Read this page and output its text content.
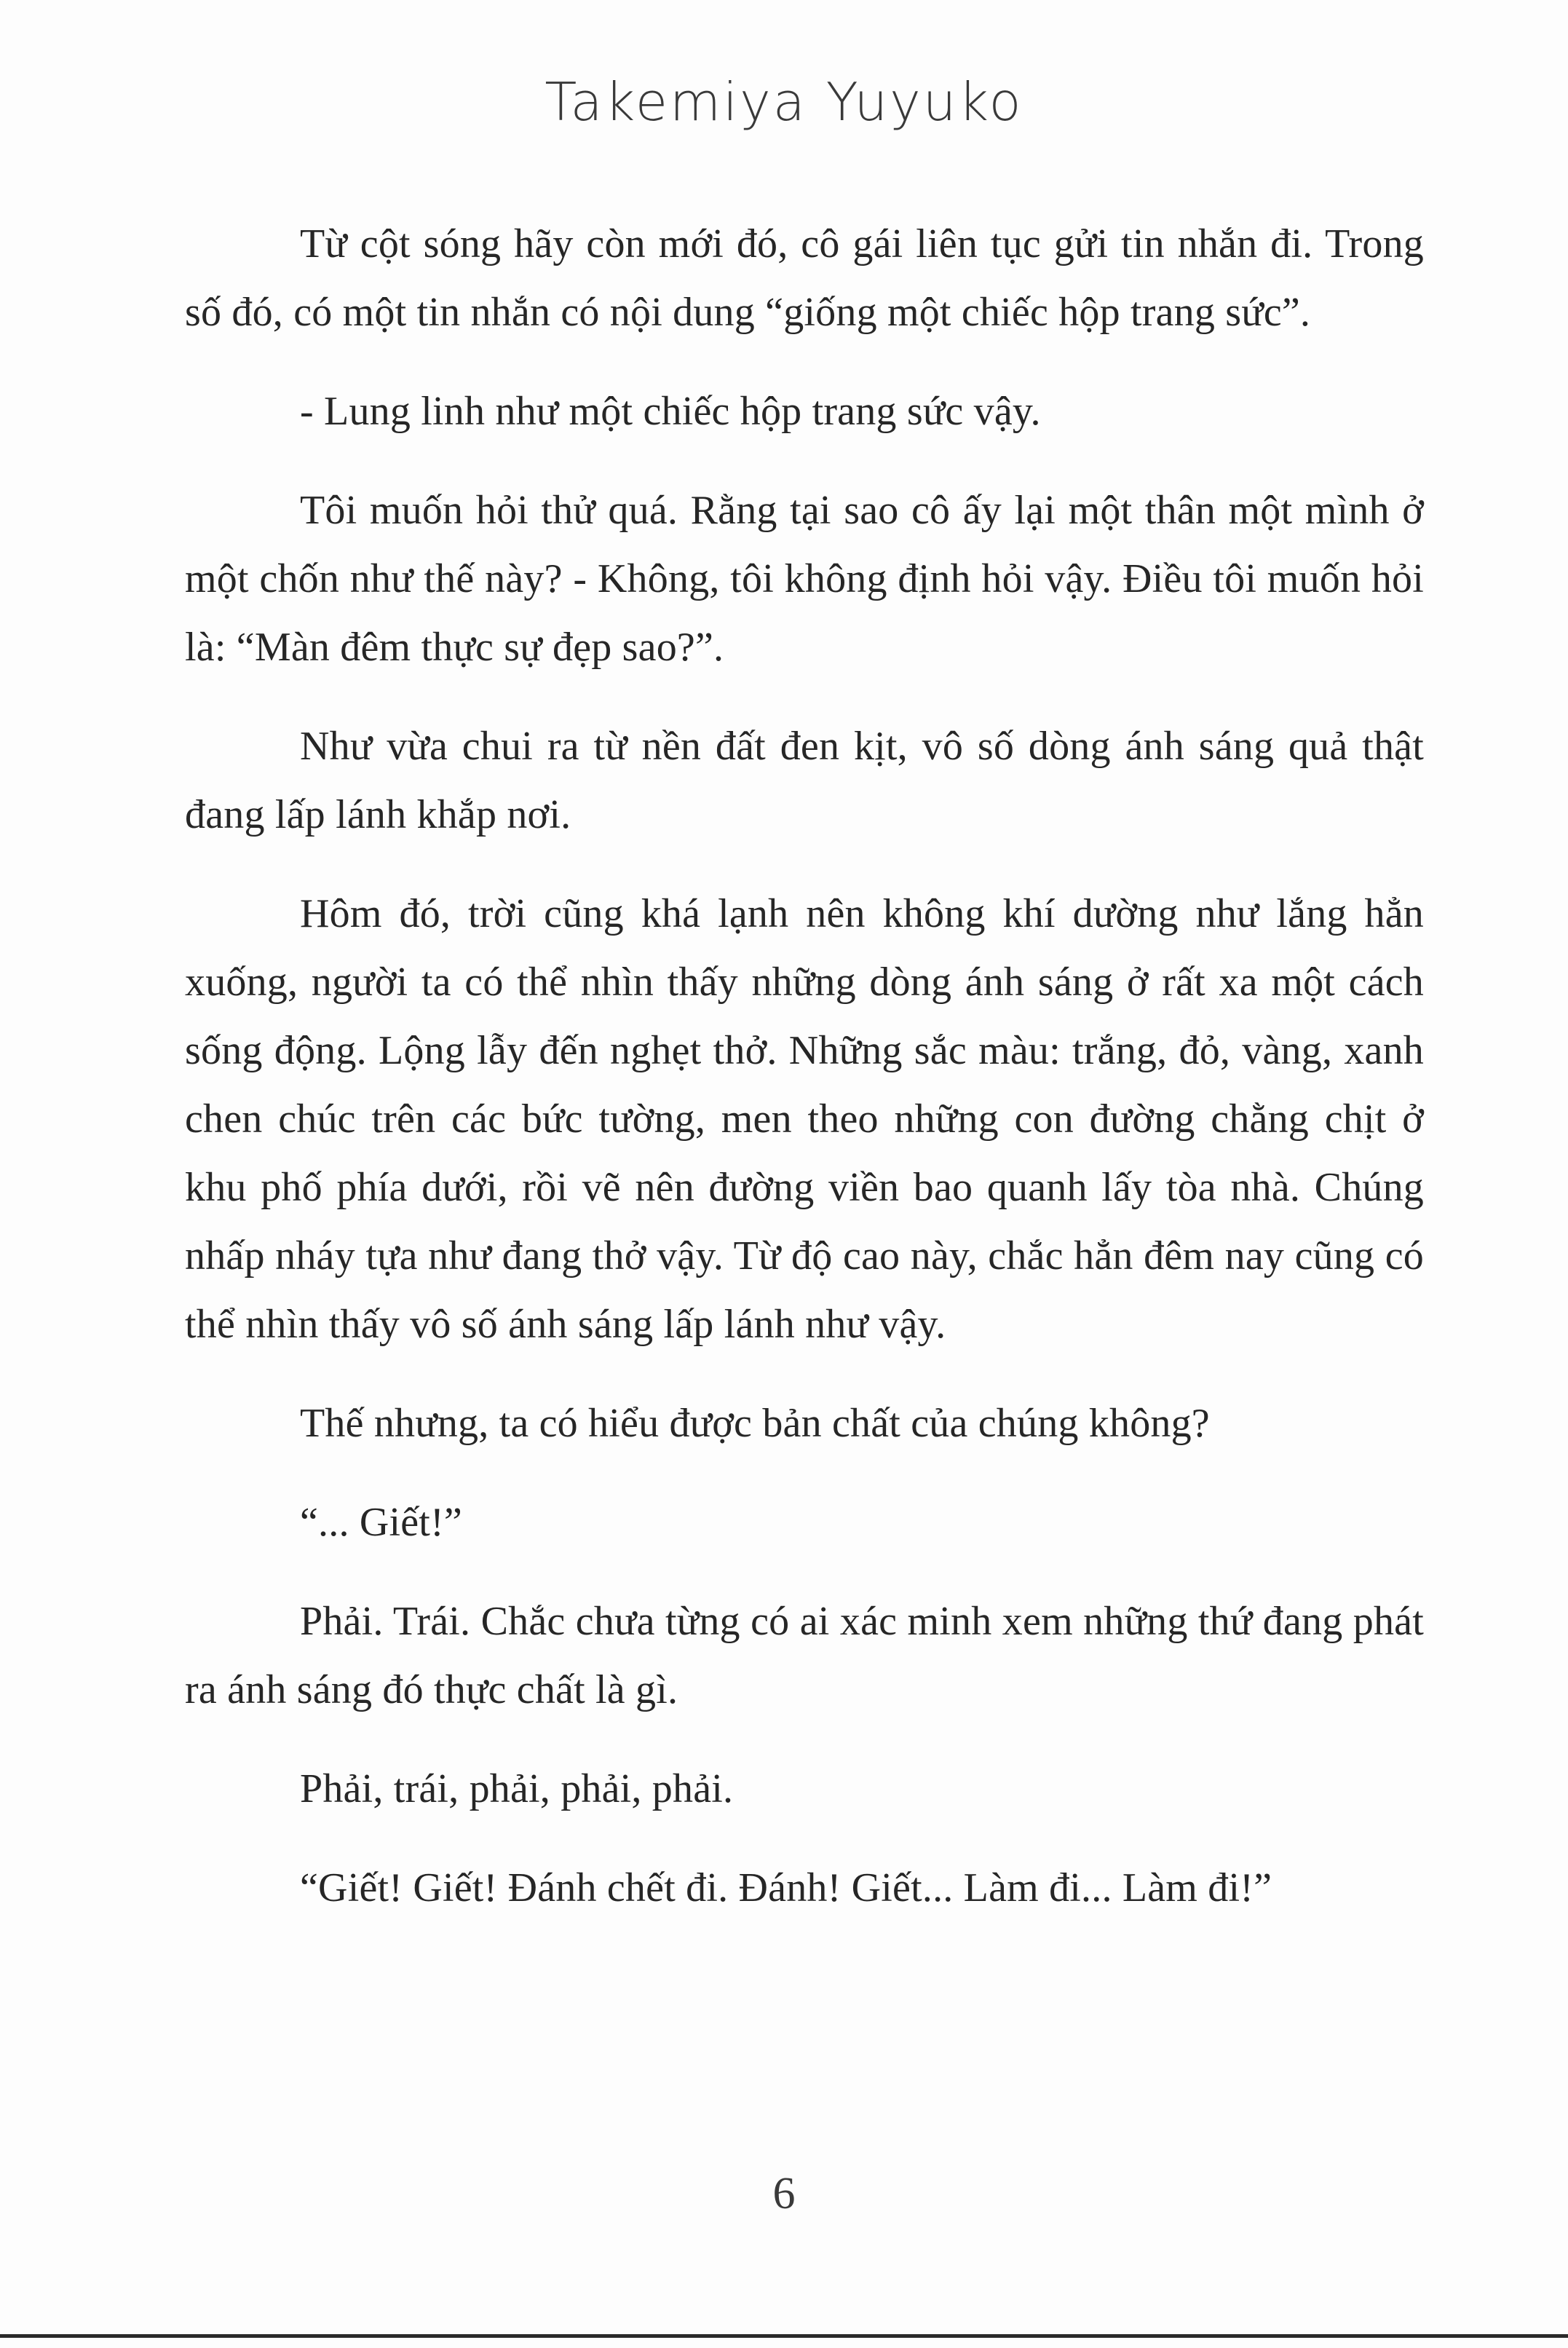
Takemiya Yuyuko

Từ cột sóng hãy còn mới đó, cô gái liên tục gửi tin nhắn đi. Trong số đó, có một tin nhắn có nội dung “giống một chiếc hộp trang sức”.

- Lung linh như một chiếc hộp trang sức vậy.

Tôi muốn hỏi thử quá. Rằng tại sao cô ấy lại một thân một mình ở một chốn như thế này? - Không, tôi không định hỏi vậy. Điều tôi muốn hỏi là: “Màn đêm thực sự đẹp sao?”.

Như vừa chui ra từ nền đất đen kịt, vô số dòng ánh sáng quả thật đang lấp lánh khắp nơi.

Hôm đó, trời cũng khá lạnh nên không khí dường như lắng hẳn xuống, người ta có thể nhìn thấy những dòng ánh sáng ở rất xa một cách sống động. Lộng lẫy đến nghẹt thở. Những sắc màu: trắng, đỏ, vàng, xanh chen chúc trên các bức tường, men theo những con đường chằng chịt ở khu phố phía dưới, rồi vẽ nên đường viền bao quanh lấy tòa nhà. Chúng nhấp nháy tựa như đang thở vậy. Từ độ cao này, chắc hẳn đêm nay cũng có thể nhìn thấy vô số ánh sáng lấp lánh như vậy.

Thế nhưng, ta có hiểu được bản chất của chúng không?

“... Giết!”

Phải. Trái. Chắc chưa từng có ai xác minh xem những thứ đang phát ra ánh sáng đó thực chất là gì.

Phải, trái, phải, phải, phải.

“Giết! Giết! Đánh chết đi. Đánh! Giết... Làm đi... Làm đi!”

6
